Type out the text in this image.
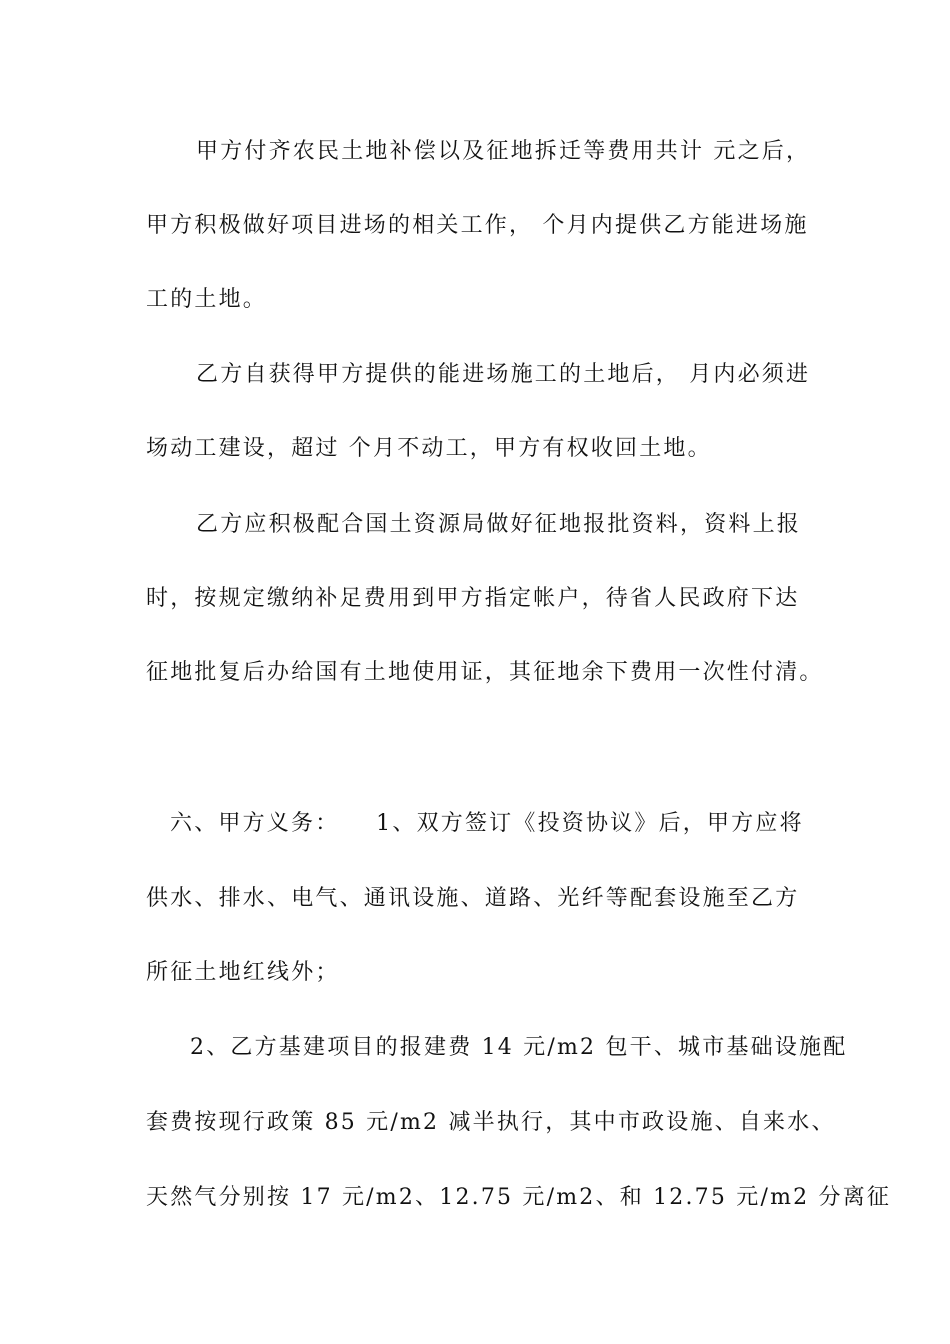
甲方付齐农民土地补偿以及征地拆迁等费用共计 元之后，
甲方积极做好项目进场的相关工作， 个月内提供乙方能进场施
工的土地。
乙方自获得甲方提供的能进场施工的土地后， 月内必须进
场动工建设，超过 个月不动工，甲方有权收回土地。
乙方应积极配合国土资源局做好征地报批资料，资料上报
时，按规定缴纳补足费用到甲方指定帐户，待省人民政府下达
征地批复后办给国有土地使用证，其征地余下费用一次性付清。
六、甲方义务：    1、双方签订《投资协议》后，甲方应将
供水、排水、电气、通讯设施、道路、光纤等配套设施至乙方
所征土地红线外；
2、乙方基建项目的报建费 14 元/m2 包干、城市基础设施配
套费按现行政策 85 元/m2 减半执行，其中市政设施、自来水、
天然气分别按 17 元/m2、12.75 元/m2、和 12.75 元/m2 分离征
